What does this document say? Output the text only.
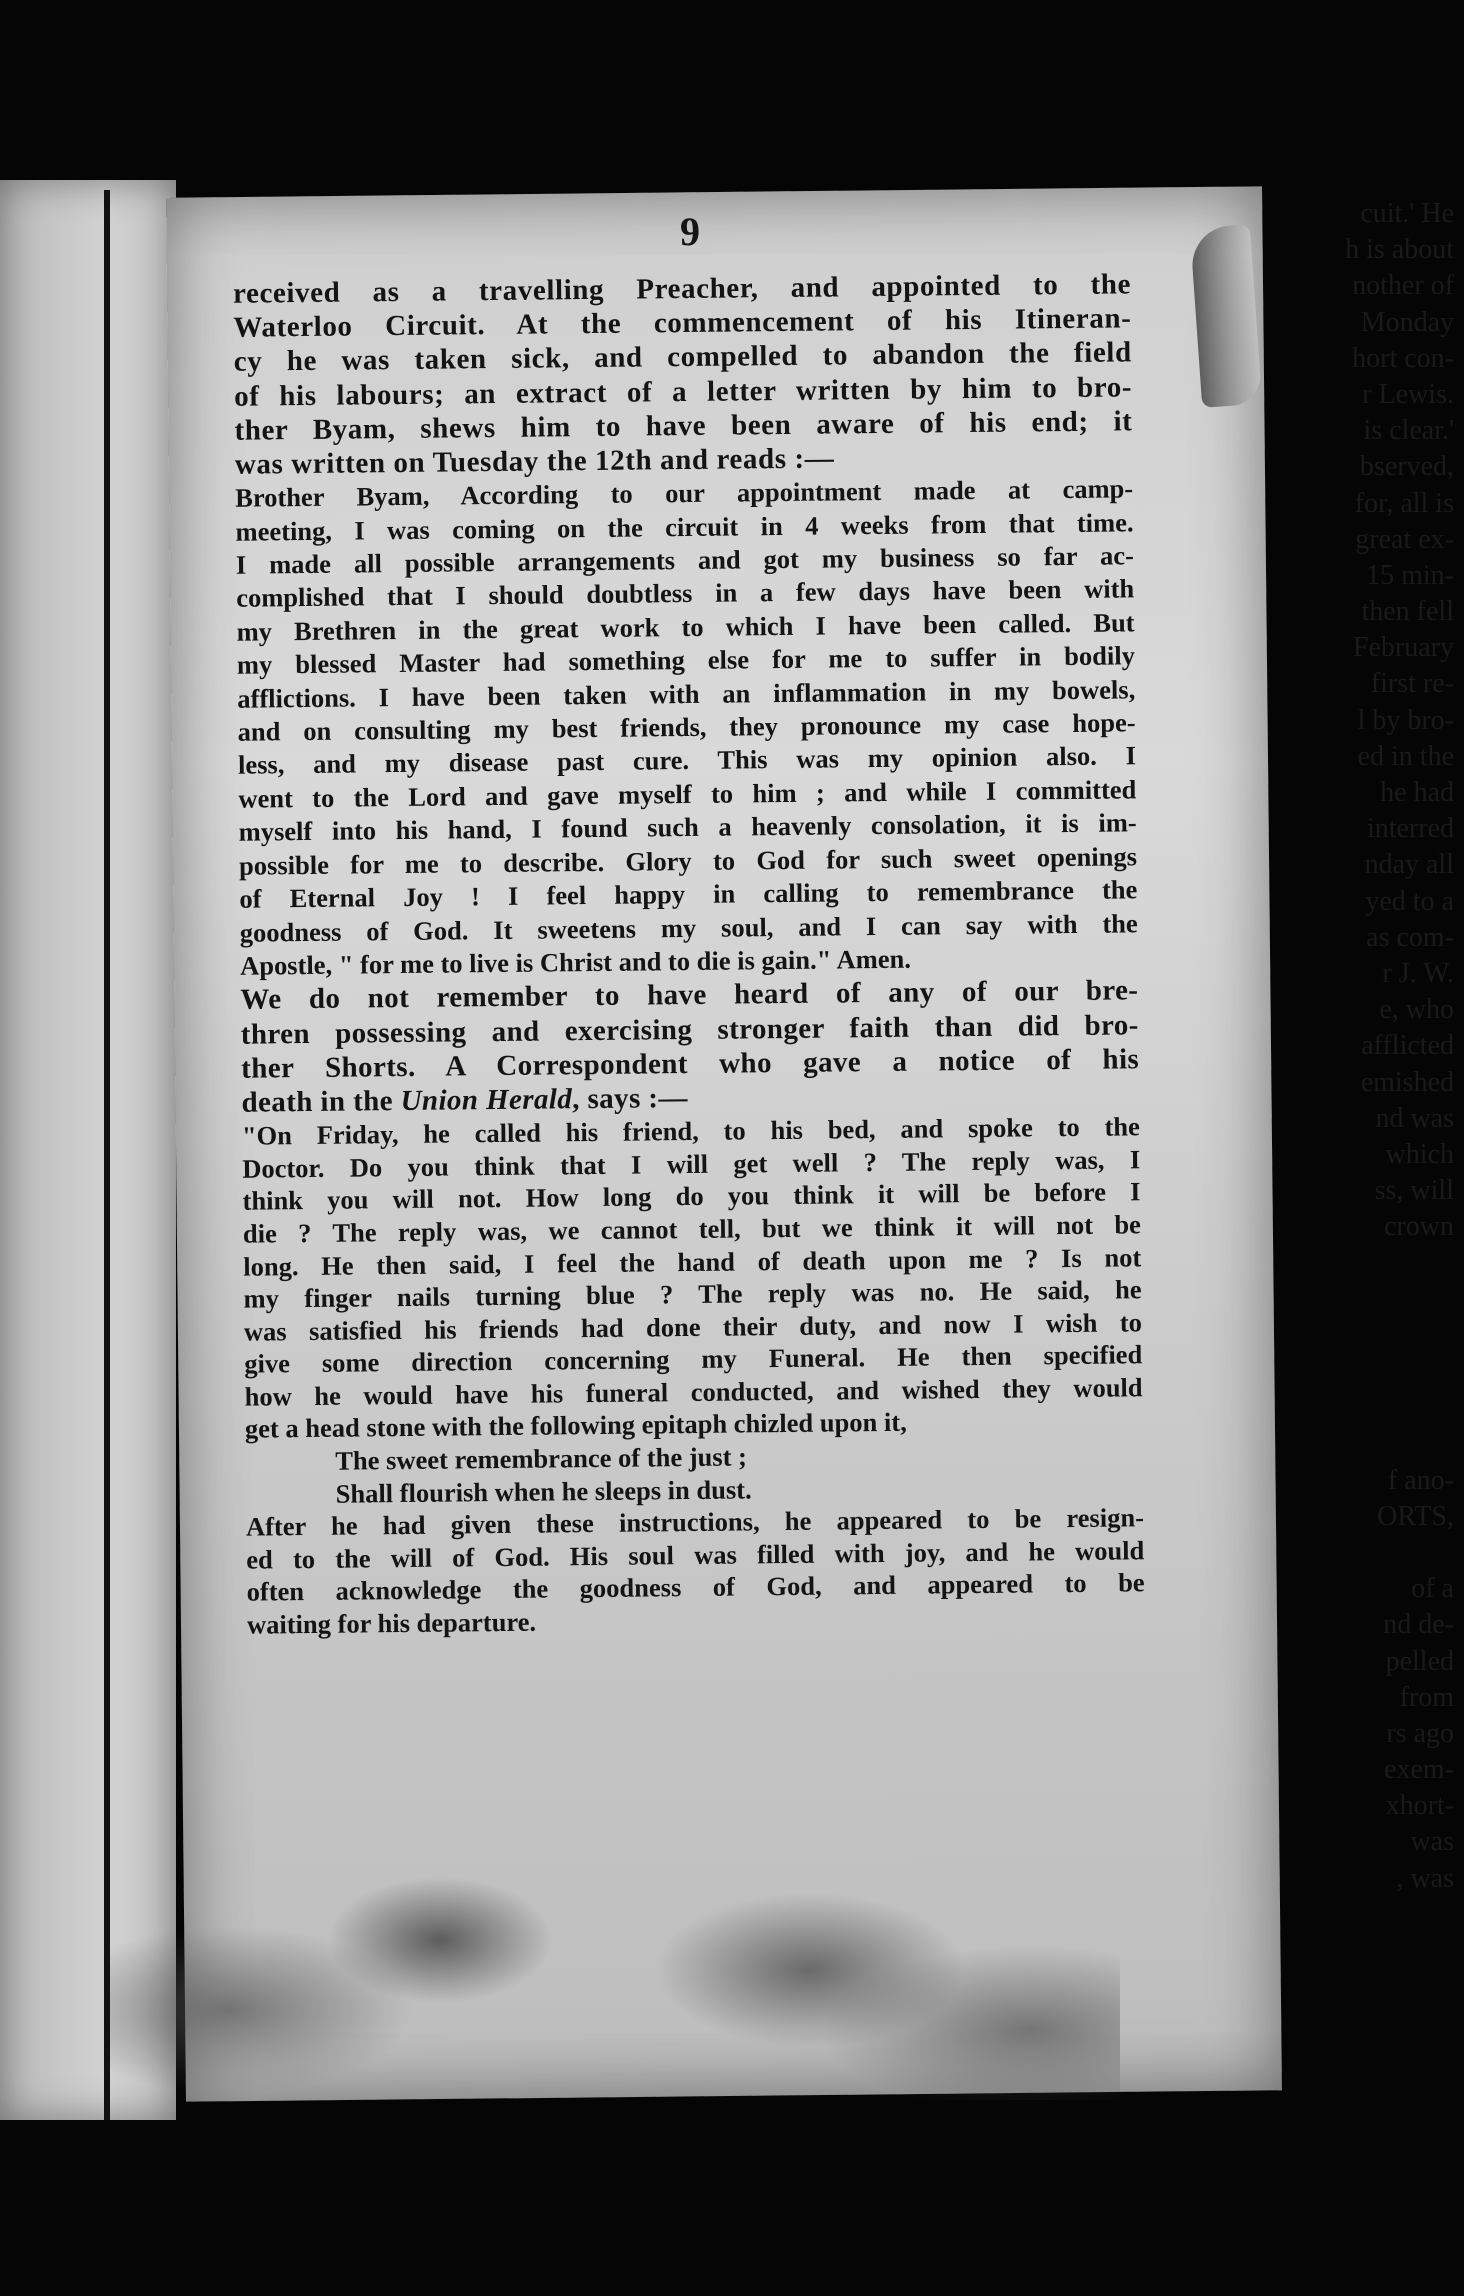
cuit.' He
h is about
nother of
Monday
hort con-
r Lewis.
is clear.'
bserved,
for, all is
great ex-
15 min-
then fell
February
first re-
l by bro-
ed in the
he had
interred
nday all
yed to a
as com-
r J. W.
e, who
afflicted
emished
nd was
which
ss, will
crown
f ano-
ORTS,
of a
nd de-
pelled
from
rs ago
exem-
xhort-
was
, was
9
received as a travelling Preacher, and appointed to the
Waterloo Circuit. At the commencement of his Itineran-
cy he was taken sick, and compelled to abandon the field
of his labours; an extract of a letter written by him to bro-
ther Byam, shews him to have been aware of his end; it
was written on Tuesday the 12th and reads :—
Brother Byam, According to our appointment made at camp-
meeting, I was coming on the circuit in 4 weeks from that time.
I made all possible arrangements and got my business so far ac-
complished that I should doubtless in a few days have been with
my Brethren in the great work to which I have been called. But
my blessed Master had something else for me to suffer in bodily
afflictions. I have been taken with an inflammation in my bowels,
and on consulting my best friends, they pronounce my case hope-
less, and my disease past cure. This was my opinion also. I
went to the Lord and gave myself to him ; and while I committed
myself into his hand, I found such a heavenly consolation, it is im-
possible for me to describe. Glory to God for such sweet openings
of Eternal Joy ! I feel happy in calling to remembrance the
goodness of God. It sweetens my soul, and I can say with the
Apostle, " for me to live is Christ and to die is gain." Amen.
We do not remember to have heard of any of our bre-
thren possessing and exercising stronger faith than did bro-
ther Shorts. A Correspondent who gave a notice of his
death in the Union Herald, says :—
"On Friday, he called his friend, to his bed, and spoke to the
Doctor. Do you think that I will get well ? The reply was, I
think you will not. How long do you think it will be before I
die ? The reply was, we cannot tell, but we think it will not be
long. He then said, I feel the hand of death upon me ? Is not
my finger nails turning blue ? The reply was no. He said, he
was satisfied his friends had done their duty, and now I wish to
give some direction concerning my Funeral. He then specified
how he would have his funeral conducted, and wished they would
get a head stone with the following epitaph chizled upon it,
The sweet remembrance of the just ;
Shall flourish when he sleeps in dust.
After he had given these instructions, he appeared to be resign-
ed to the will of God. His soul was filled with joy, and he would
often acknowledge the goodness of God, and appeared to be
waiting for his departure.
